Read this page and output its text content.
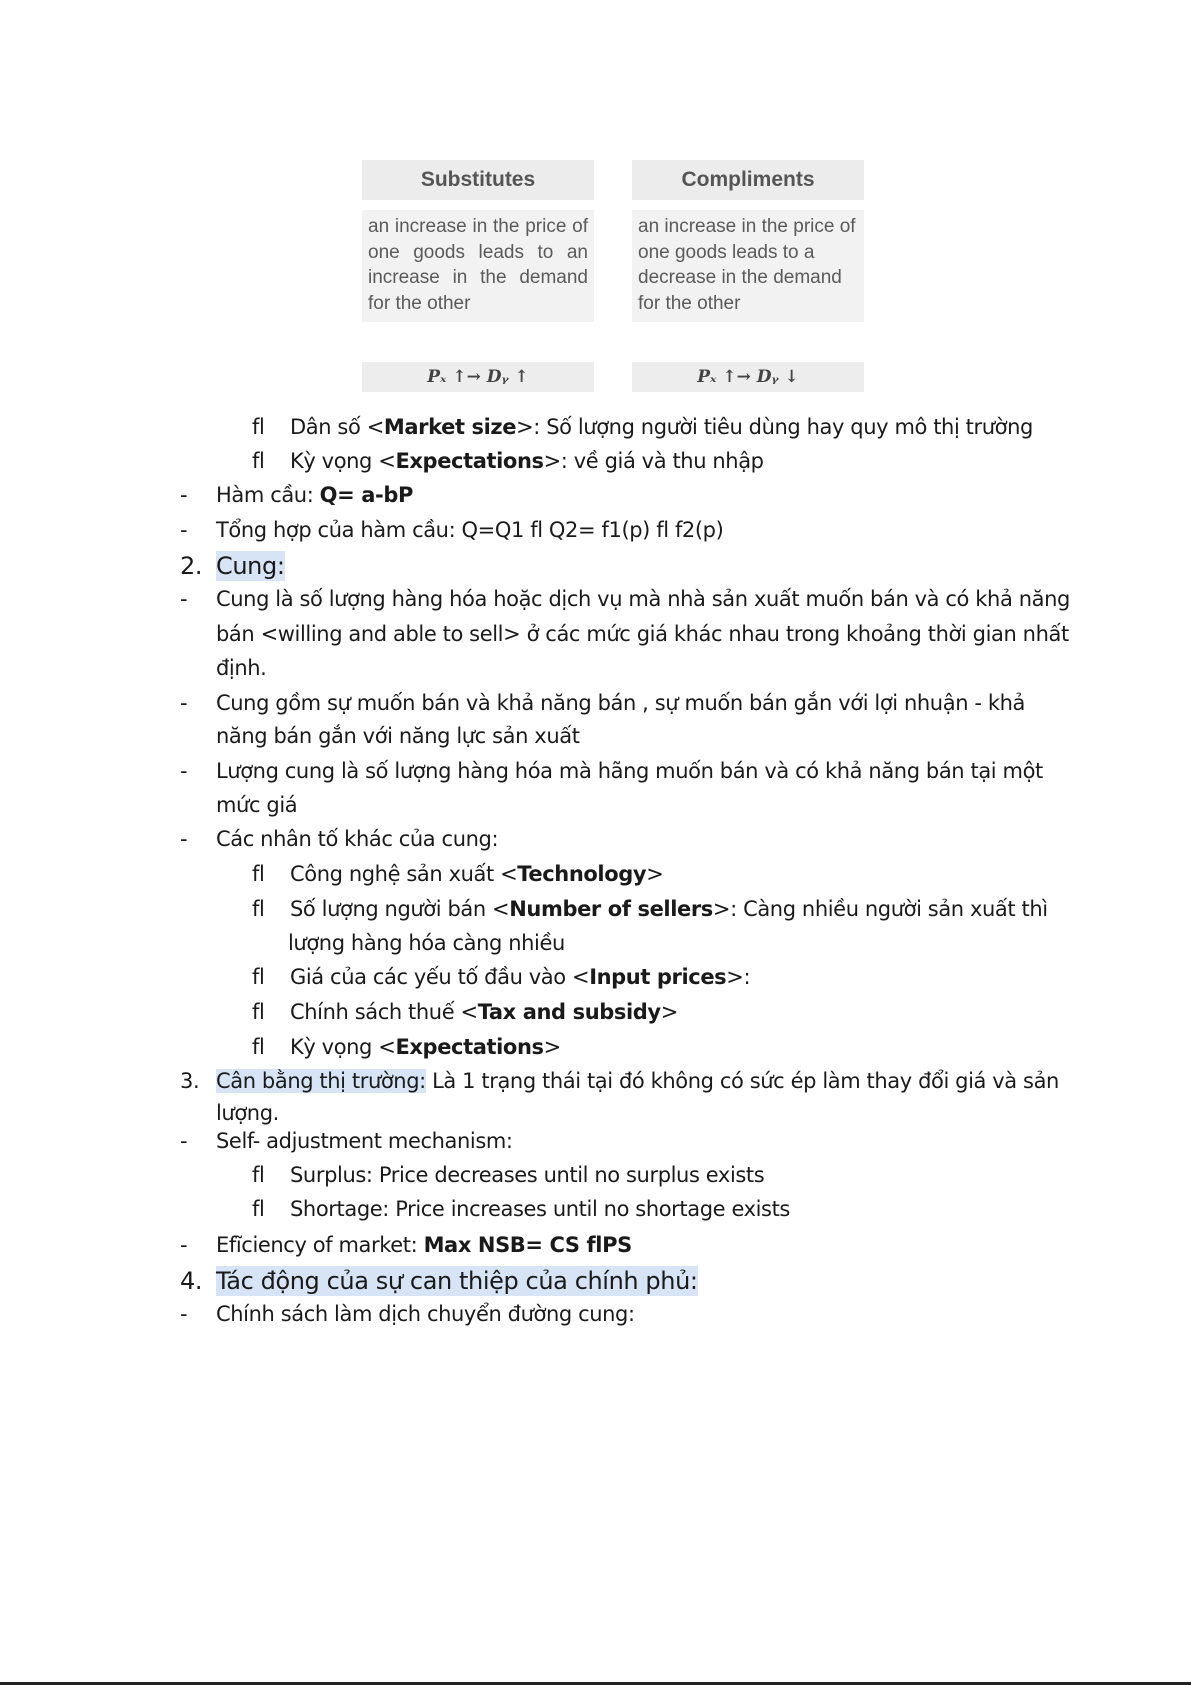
Substitutes
an increase in the price of one goods leads to an increase in the demand for the other
Compliments
an increase in the price of one goods leads to a decrease in the demand for the other
Pₓ ↑→ Dᵧ ↑	Pₓ ↑→ Dᵧ ↓
fl Dân số <Market size>: Số lượng người tiêu dùng hay quy mô thị trường
fl Kỳ vọng <Expectations>: về giá và thu nhập
- Hàm cầu: Q= a-bP
- Tổng hợp của hàm cầu: Q=Q1 fl Q2= f1(p) fl f2(p)
2. Cung:
- Cung là số lượng hàng hóa hoặc dịch vụ mà nhà sản xuất muốn bán và có khả năng
bán <willing and able to sell> ở các mức giá khác nhau trong khoảng thời gian nhất
định.
- Cung gồm sự muốn bán và khả năng bán , sự muốn bán gắn với lợi nhuận - khả
năng bán gắn với năng lực sản xuất
- Lượng cung là số lượng hàng hóa mà hãng muốn bán và có khả năng bán tại một
mức giá
- Các nhân tố khác của cung:
fl Công nghệ sản xuất <Technology>
fl Số lượng người bán <Number of sellers>: Càng nhiều người sản xuất thì
lượng hàng hóa càng nhiều
fl Giá của các yếu tố đầu vào <Input prices>:
fl Chính sách thuế <Tax and subsidy>
fl Kỳ vọng <Expectations>
3. Cân bằng thị trường: Là 1 trạng thái tại đó không có sức ép làm thay đổi giá và sản
lượng.
- Self- adjustment mechanism:
fl Surplus: Price decreases until no surplus exists
fl Shortage: Price increases until no shortage exists
- Efĩciency of market: Max NSB= CS flPS
4. Tác động của sự can thiệp của chính phủ:
- Chính sách làm dịch chuyển đường cung:
